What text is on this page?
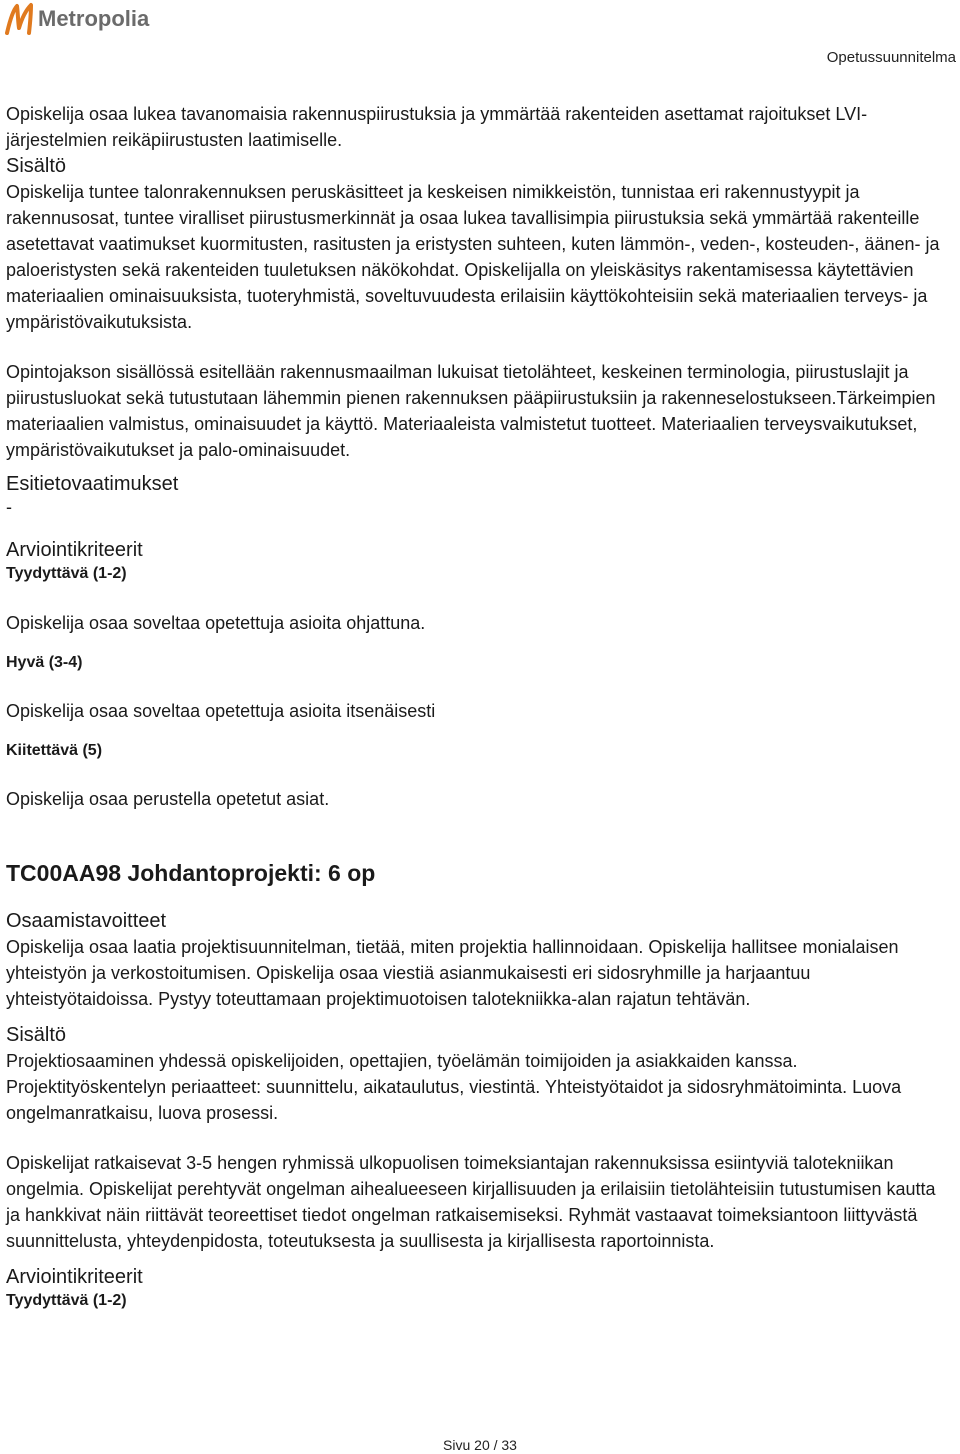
Metropolia
Opetussuunnitelma

Opiskelija osaa lukea tavanomaisia rakennuspiirustuksia ja ymmärtää rakenteiden asettamat rajoitukset LVI-järjestelmien reikäpiirustusten laatimiselle.

Sisältö

Opiskelija tuntee talonrakennuksen peruskäsitteet ja keskeisen nimikkeistön, tunnistaa eri rakennustyypit ja rakennusosat, tuntee viralliset piirustusmerkinnät ja osaa lukea tavallisimpia piirustuksia sekä ymmärtää rakenteille asetettavat vaatimukset kuormitusten, rasitusten ja eristysten suhteen, kuten lämmön-, veden-, kosteuden-, äänen- ja paloeristysten sekä rakenteiden tuuletuksen näkökohdat. Opiskelijalla on yleiskäsitys rakentamisessa käytettävien materiaalien ominaisuuksista, tuoteryhmistä, soveltuvuudesta erilaisiin käyttökohteisiin sekä materiaalien terveys- ja ympäristövaikutuksista.

Opintojakson sisällössä esitellään rakennusmaailman lukuisat tietolähteet, keskeinen terminologia, piirustuslajit ja piirustusluokat sekä tutustutaan lähemmin pienen rakennuksen pääpiirustuksiin ja rakenneselostukseen.Tärkeimpien materiaalien valmistus, ominaisuudet ja käyttö. Materiaaleista valmistetut tuotteet. Materiaalien terveysvaikutukset, ympäristövaikutukset ja palo-ominaisuudet.

Esitietovaatimukset

-

Arviointikriteerit

Tyydyttävä (1-2)

Opiskelija osaa soveltaa opetettuja asioita ohjattuna.

Hyvä (3-4)

Opiskelija osaa soveltaa opetettuja asioita itsenäisesti

Kiitettävä (5)

Opiskelija osaa perustella opetetut asiat.

TC00AA98 Johdantoprojekti: 6 op
Osaamistavoitteet

Opiskelija osaa laatia projektisuunnitelman, tietää, miten projektia hallinnoidaan. Opiskelija hallitsee monialaisen yhteistyön ja verkostoitumisen. Opiskelija osaa viestiä asianmukaisesti eri sidosryhmille ja harjaantuu yhteistyötaidoissa. Pystyy toteuttamaan projektimuotoisen talotekniikka-alan rajatun tehtävän.

Sisältö

Projektiosaaminen yhdessä opiskelijoiden, opettajien, työelämän toimijoiden ja asiakkaiden kanssa. Projektityöskentelyn periaatteet: suunnittelu, aikataulutus, viestintä. Yhteistyötaidot ja sidosryhmätoiminta. Luova ongelmanratkaisu, luova prosessi.

Opiskelijat ratkaisevat 3-5 hengen ryhmissä ulkopuolisen toimeksiantajan rakennuksissa esiintyviä talotekniikan ongelmia. Opiskelijat perehtyvät ongelman aihealueeseen kirjallisuuden ja erilaisiin tietolähteisiin tutustumisen kautta ja hankkivat näin riittävät teoreettiset tiedot ongelman ratkaisemiseksi. Ryhmät vastaavat toimeksiantoon liittyvästä suunnittelusta, yhteydenpidosta, toteutuksesta ja suullisesta ja kirjallisesta raportoinnista.

Arviointikriteerit

Tyydyttävä (1-2)

Sivu 20 / 33
